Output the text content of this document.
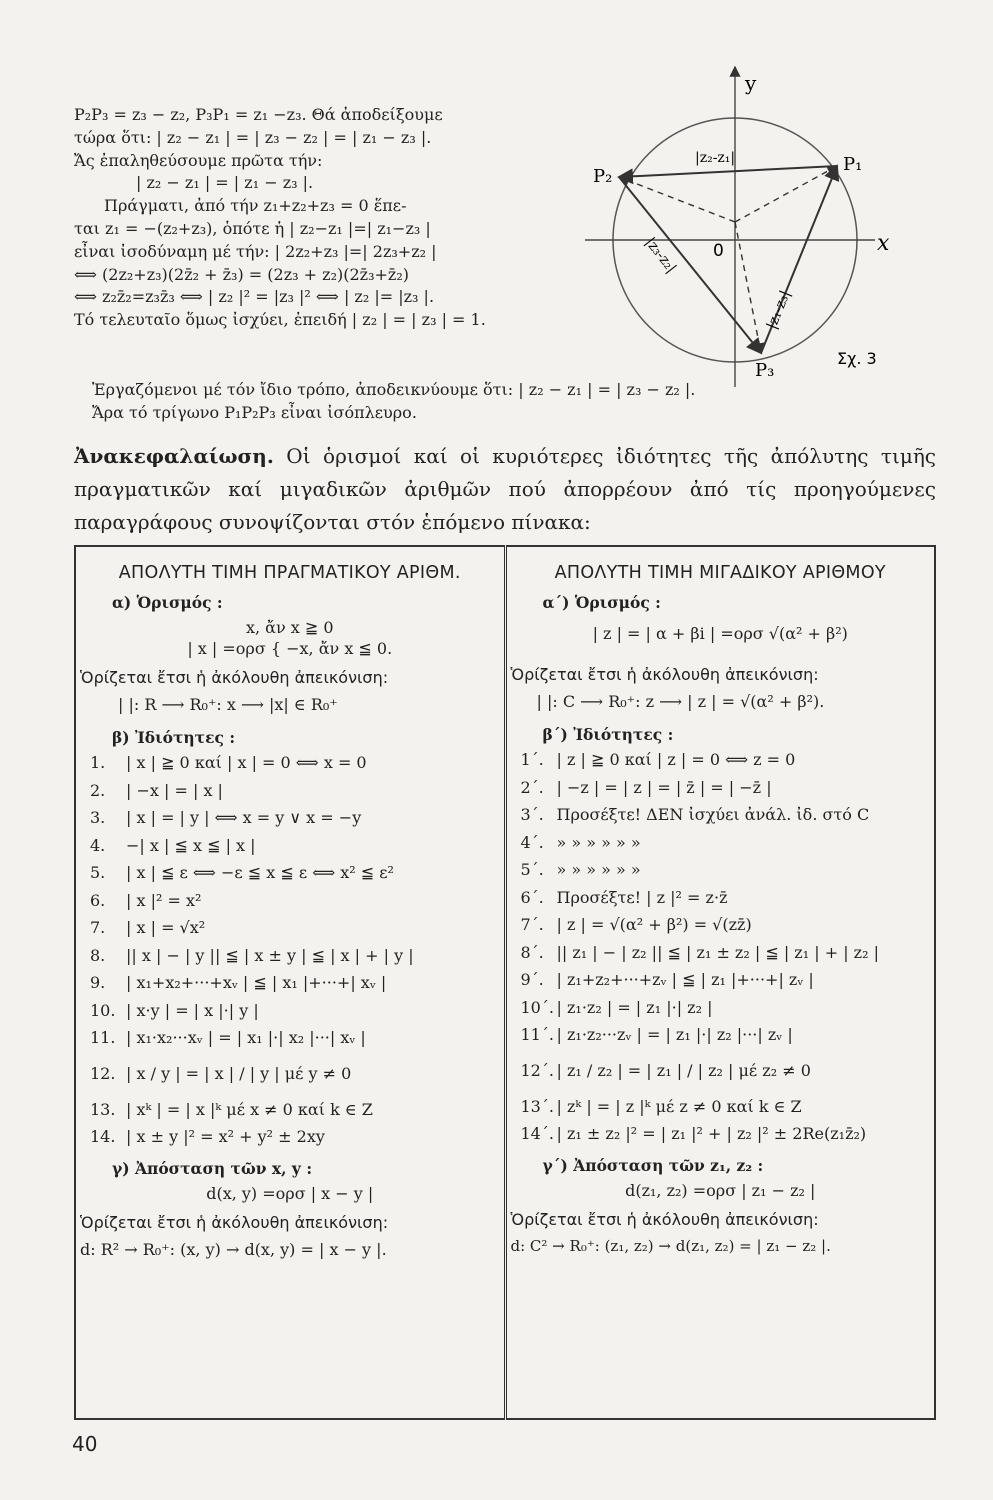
P₂P₃ = z₃ − z₂, P₃P₁ = z₁ −z₃. Θά ἀποδείξουμε
τώρα ὅτι: | z₂ − z₁ | = | z₃ − z₂ | = | z₁ − z₃ |.
Ἄς ἐπαληθεύσουμε πρῶτα τήν:
| z₂ − z₁ | = | z₁ − z₃ |.
Πράγματι, ἀπό τήν z₁+z₂+z₃ = 0 ἕπε-
ται z₁ = −(z₂+z₃), ὁπότε ἡ | z₂−z₁ |=| z₁−z₃ |
εἶναι ἰσοδύναμη μέ τήν: | 2z₂+z₃ |=| 2z₃+z₂ |
⟺ (2z₂+z₃)(2z̄₂ + z̄₃) = (2z₃ + z₂)(2z̄₃+z̄₂)
⟺ z₂z̄₂=z₃z̄₃ ⟺ | z₂ |² = |z₃ |² ⟺ | z₂ |= |z₃ |.
Τό τελευταῖο ὅμως ἰσχύει, ἐπειδή | z₂ | = | z₃ | = 1.
Ἐργαζόμενοι μέ τόν ἴδιο τρόπο, ἀποδεικνύουμε ὅτι: | z₂ − z₁ | = | z₃ − z₂ |.
Ἄρα τό τρίγωνο P₁P₂P₃ εἶναι ἰσόπλευρο.
y
x
0
P₁
P₂
P₃
|z₂-z₁|
|z₃-z₂|
|z₁-z₃|
Σχ. 3
Ἀνακεφαλαίωση. Οἱ ὁρισμοί καί οἱ κυριότερες ἰδιότητες τῆς ἀπόλυτης τιμῆς πραγματικῶν καί μιγαδικῶν ἀριθμῶν πού ἀπορρέουν ἀπό τίς προηγούμενες παραγράφους συνοψίζονται στόν ἑπόμενο πίνακα:
ΑΠΟΛΥΤΗ ΤΙΜΗ ΠΡΑΓΜΑΤΙΚΟΥ ΑΡΙΘΜ.
α) Ὁρισμός :
x, ἄν x ≧ 0
| x | =ορσ { −x, ἄν x ≦ 0.
Ὁρίζεται ἔτσι ἡ ἀκόλουθη ἀπεικόνιση:
| |: R ⟶ R₀⁺: x ⟶ |x| ∈ R₀⁺
β) Ἰδιότητες :
1.	| x | ≧ 0 καί | x | = 0 ⟺ x = 0
2.	| −x | = | x |
3.	| x | = | y | ⟺ x = y ∨ x = −y
4.	−| x | ≦ x ≦ | x |
5.	| x | ≦ ε ⟺ −ε ≦ x ≦ ε ⟺ x² ≦ ε²
6.	| x |² = x²
7.	| x | = √x²
8.	|| x | − | y || ≦ | x ± y | ≦ | x | + | y |
9.	| x₁+x₂+···+xᵥ | ≦ | x₁ |+···+| xᵥ |
10. | x·y | = | x |·| y |
11. | x₁·x₂···xᵥ | = | x₁ |·| x₂ |···| xᵥ |
12. | x / y | = | x | / | y | μέ y ≠ 0
13. | xᵏ | = | x |ᵏ μέ x ≠ 0 καί k ∈ Z
14. | x ± y |² = x² + y² ± 2xy
γ) Ἀπόσταση τῶν x, y :
d(x, y) =ορσ | x − y |
Ὁρίζεται ἔτσι ἡ ἀκόλουθη ἀπεικόνιση:
d: R² → R₀⁺: (x, y) → d(x, y) = | x − y |.

ΑΠΟΛΥΤΗ ΤΙΜΗ ΜΙΓΑΔΙΚΟΥ ΑΡΙΘΜΟΥ
α΄) Ὁρισμός :
| z | = | α + βi | =ορσ √(α² + β²)
Ὁρίζεται ἔτσι ἡ ἀκόλουθη ἀπεικόνιση:
| |: C ⟶ R₀⁺: z ⟶ | z | = √(α² + β²).
β΄) Ἰδιότητες :
1΄. | z | ≧ 0 καί | z | = 0 ⟺ z = 0
2΄. | −z | = | z | = | z̄ | = | −z̄ |
3΄. Προσέξτε! ΔΕΝ ἰσχύει ἀνάλ. ἰδ. στό C
4΄. » » » » » »
5΄. » » » » » »
6΄. Προσέξτε! | z |² = z·z̄
7΄. | z | = √(α² + β²) = √(zz̄)
8΄. || z₁ | − | z₂ || ≦ | z₁ ± z₂ | ≦ | z₁ | + | z₂ |
9΄. | z₁+z₂+···+zᵥ | ≦ | z₁ |+···+| zᵥ |
10΄. | z₁·z₂ | = | z₁ |·| z₂ |
11΄. | z₁·z₂···zᵥ | = | z₁ |·| z₂ |···| zᵥ |
12΄. | z₁ / z₂ | = | z₁ | / | z₂ | μέ z₂ ≠ 0
13΄. | zᵏ | = | z |ᵏ μέ z ≠ 0 καί k ∈ Z
14΄. | z₁ ± z₂ |² = | z₁ |² + | z₂ |² ± 2Re(z₁z̄₂)
γ΄) Ἀπόσταση τῶν z₁, z₂ :
d(z₁, z₂) =ορσ | z₁ − z₂ |
Ὁρίζεται ἔτσι ἡ ἀκόλουθη ἀπεικόνιση:
d: C² → R₀⁺: (z₁, z₂) → d(z₁, z₂) = | z₁ − z₂ |.
40
